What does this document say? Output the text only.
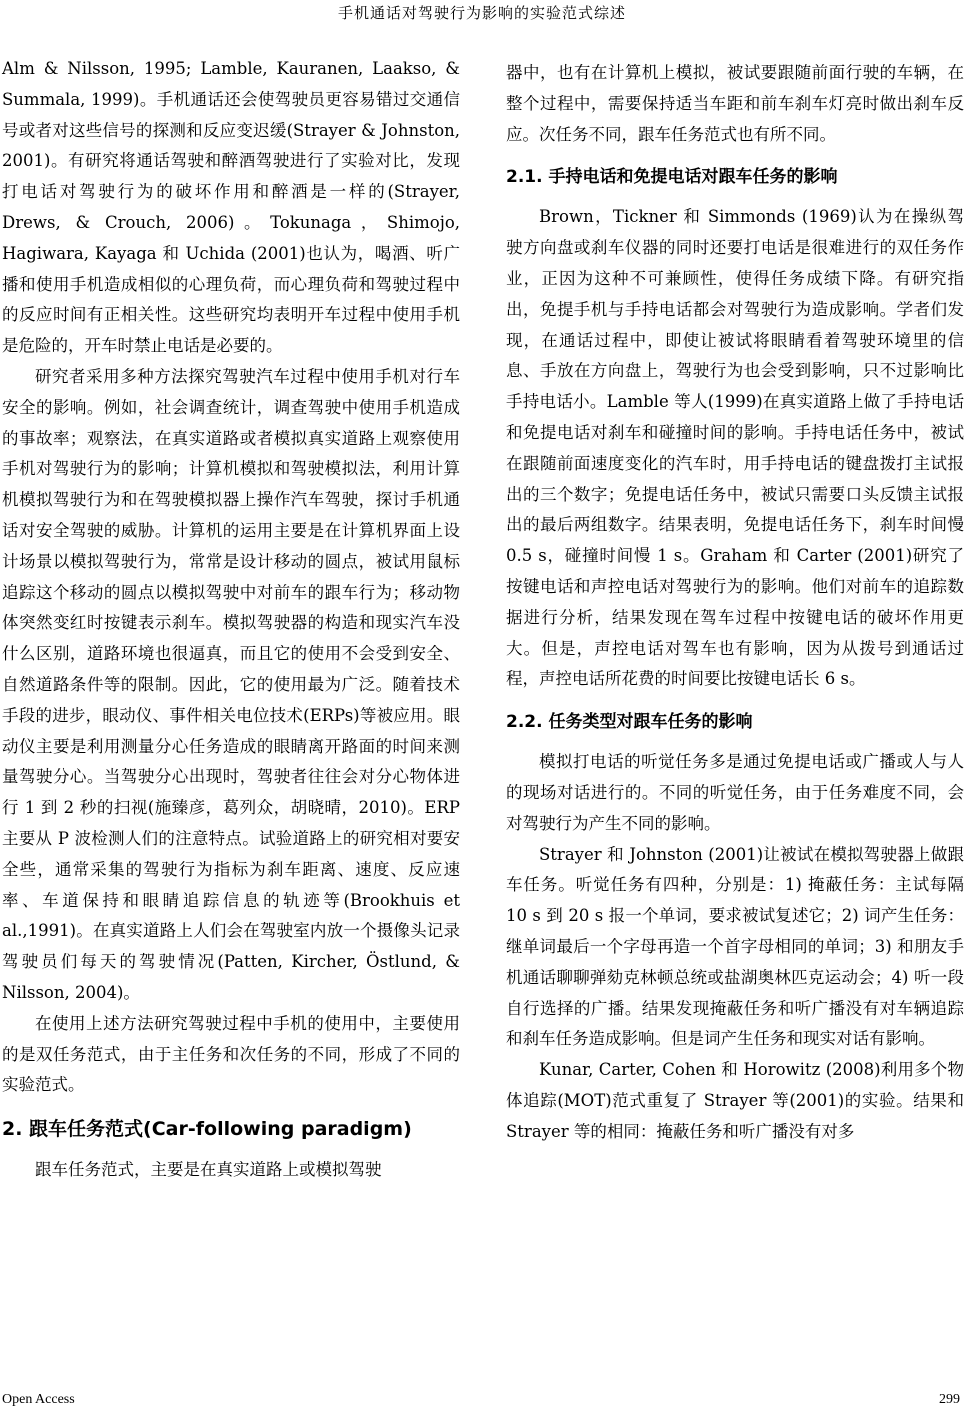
手机通话对驾驶行为影响的实验范式综述

Alm & Nilsson, 1995; Lamble, Kauranen, Laakso, & Summala, 1999)。手机通话还会使驾驶员更容易错过交通信号或者对这些信号的探测和反应变迟缓(Strayer & Johnston, 2001)。有研究将通话驾驶和醉酒驾驶进行了实验对比，发现打电话对驾驶行为的破坏作用和醉酒是一样的(Strayer, Drews, & Crouch, 2006)。Tokunaga，Shimojo, Hagiwara, Kayaga 和 Uchida (2001)也认为，喝酒、听广播和使用手机造成相似的心理负荷，而心理负荷和驾驶过程中的反应时间有正相关性。这些研究均表明开车过程中使用手机是危险的，开车时禁止电话是必要的。

研究者采用多种方法探究驾驶汽车过程中使用手机对行车安全的影响。例如，社会调查统计，调查驾驶中使用手机造成的事故率；观察法，在真实道路或者模拟真实道路上观察使用手机对驾驶行为的影响；计算机模拟和驾驶模拟法，利用计算机模拟驾驶行为和在驾驶模拟器上操作汽车驾驶，探讨手机通话对安全驾驶的威胁。计算机的运用主要是在计算机界面上设计场景以模拟驾驶行为，常常是设计移动的圆点，被试用鼠标追踪这个移动的圆点以模拟驾驶中对前车的跟车行为；移动物体突然变红时按键表示刹车。模拟驾驶器的构造和现实汽车没什么区别，道路环境也很逼真，而且它的使用不会受到安全、自然道路条件等的限制。因此，它的使用最为广泛。随着技术手段的进步，眼动仪、事件相关电位技术(ERPs)等被应用。眼动仪主要是利用测量分心任务造成的眼睛离开路面的时间来测量驾驶分心。当驾驶分心出现时，驾驶者往往会对分心物体进行 1 到 2 秒的扫视(施臻彦，葛列众，胡晓晴，2010)。ERP 主要从 P 波检测人们的注意特点。试验道路上的研究相对要安全些，通常采集的驾驶行为指标为刹车距离、速度、反应速率、车道保持和眼睛追踪信息的轨迹等(Brookhuis et al.,1991)。在真实道路上人们会在驾驶室内放一个摄像头记录驾驶员们每天的驾驶情况(Patten, Kircher, Östlund, & Nilsson, 2004)。

在使用上述方法研究驾驶过程中手机的使用中，主要使用的是双任务范式，由于主任务和次任务的不同，形成了不同的实验范式。

2. 跟车任务范式(Car-following paradigm)

跟车任务范式，主要是在真实道路上或模拟驾驶

器中，也有在计算机上模拟，被试要跟随前面行驶的车辆，在整个过程中，需要保持适当车距和前车刹车灯亮时做出刹车反应。次任务不同，跟车任务范式也有所不同。

2.1. 手持电话和免提电话对跟车任务的影响

Brown，Tickner 和 Simmonds (1969)认为在操纵驾驶方向盘或刹车仪器的同时还要打电话是很难进行的双任务作业，正因为这种不可兼顾性，使得任务成绩下降。有研究指出，免提手机与手持电话都会对驾驶行为造成影响。学者们发现，在通话过程中，即使让被试将眼睛看着驾驶环境里的信息、手放在方向盘上，驾驶行为也会受到影响，只不过影响比手持电话小。Lamble 等人(1999)在真实道路上做了手持电话和免提电话对刹车和碰撞时间的影响。手持电话任务中，被试在跟随前面速度变化的汽车时，用手持电话的键盘拨打主试报出的三个数字；免提电话任务中，被试只需要口头反馈主试报出的最后两组数字。结果表明，免提电话任务下，刹车时间慢 0.5 s，碰撞时间慢 1 s。Graham 和 Carter (2001)研究了按键电话和声控电话对驾驶行为的影响。他们对前车的追踪数据进行分析，结果发现在驾车过程中按键电话的破坏作用更大。但是，声控电话对驾车也有影响，因为从拨号到通话过程，声控电话所花费的时间要比按键电话长 6 s。

2.2. 任务类型对跟车任务的影响

模拟打电话的听觉任务多是通过免提电话或广播或人与人的现场对话进行的。不同的听觉任务，由于任务难度不同，会对驾驶行为产生不同的影响。

Strayer 和 Johnston (2001)让被试在模拟驾驶器上做跟车任务。听觉任务有四种，分别是：1) 掩蔽任务：主试每隔 10 s 到 20 s 报一个单词，要求被试复述它；2) 词产生任务：继单词最后一个字母再造一个首字母相同的单词；3) 和朋友手机通话聊聊弹劾克林顿总统或盐湖奥林匹克运动会；4) 听一段自行选择的广播。结果发现掩蔽任务和听广播没有对车辆追踪和刹车任务造成影响。但是词产生任务和现实对话有影响。

Kunar, Carter, Cohen 和 Horowitz (2008)利用多个物体追踪(MOT)范式重复了 Strayer 等(2001)的实验。结果和 Strayer 等的相同：掩蔽任务和听广播没有对多

Open Access	299
